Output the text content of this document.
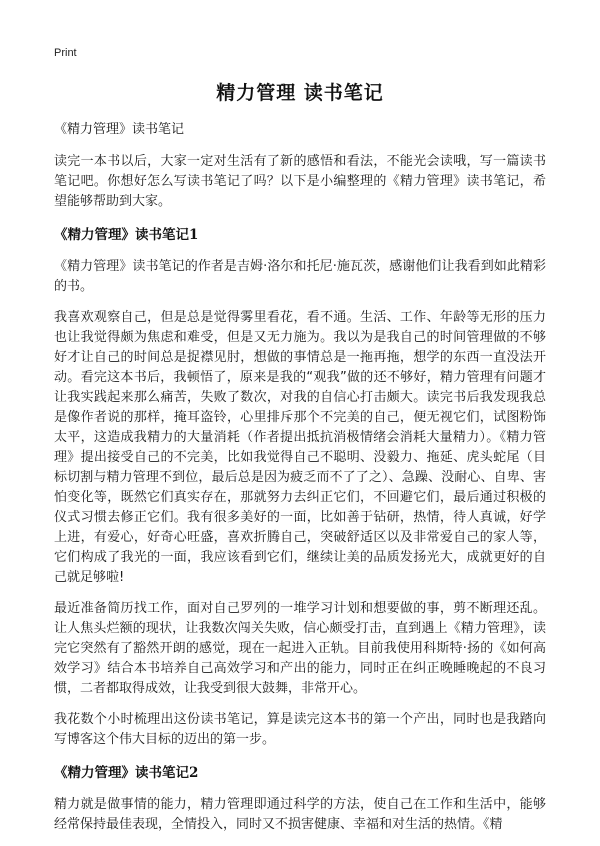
Print
精力管理 读书笔记
《精力管理》读书笔记

读完一本书以后，大家一定对生活有了新的感悟和看法，不能光会读哦，写一篇读书笔记吧。你想好怎么写读书笔记了吗？以下是小编整理的《精力管理》读书笔记，希望能够帮助到大家。

《精力管理》读书笔记1

《精力管理》读书笔记的作者是吉姆·洛尔和托尼·施瓦茨，感谢他们让我看到如此精彩的书。

我喜欢观察自己，但是总是觉得雾里看花，看不通。生活、工作、年龄等无形的压力也让我觉得颇为焦虑和难受，但是又无力施为。我以为是我自己的时间管理做的不够好才让自己的时间总是捉襟见肘，想做的事情总是一拖再拖，想学的东西一直没法开动。看完这本书后，我顿悟了，原来是我的“观我”做的还不够好，精力管理有问题才让我实践起来那么痛苦，失败了数次，对我的自信心打击颇大。读完书后我发现我总是像作者说的那样，掩耳盗铃，心里排斥那个不完美的自己，便无视它们，试图粉饰太平，这造成我精力的大量消耗（作者提出抵抗消极情绪会消耗大量精力）。《精力管理》提出接受自己的不完美，比如我觉得自己不聪明、没毅力、拖延、虎头蛇尾（目标切割与精力管理不到位，最后总是因为疲乏而不了了之）、急躁、没耐心、自卑、害怕变化等，既然它们真实存在，那就努力去纠正它们，不回避它们，最后通过积极的仪式习惯去修正它们。我有很多美好的一面，比如善于钻研，热情，待人真诚，好学上进，有爱心，好奇心旺盛，喜欢折腾自己，突破舒适区以及非常爱自己的家人等，它们构成了我光的一面，我应该看到它们，继续让美的品质发扬光大，成就更好的自己就足够啦!

最近准备简历找工作，面对自己罗列的一堆学习计划和想要做的事，剪不断理还乱。让人焦头烂额的现状，让我数次闯关失败，信心颇受打击，直到遇上《精力管理》，读完它突然有了豁然开朗的感觉，现在一起进入正轨。目前我使用科斯特·扬的《如何高效学习》结合本书培养自己高效学习和产出的能力，同时正在纠正晚睡晚起的不良习惯，二者都取得成效，让我受到很大鼓舞，非常开心。

我花数个小时梳理出这份读书笔记，算是读完这本书的第一个产出，同时也是我踏向写博客这个伟大目标的迈出的第一步。

《精力管理》读书笔记2

精力就是做事情的能力，精力管理即通过科学的方法，使自己在工作和生活中，能够经常保持最佳表现，全情投入，同时又不损害健康、幸福和对生活的热情。《精
